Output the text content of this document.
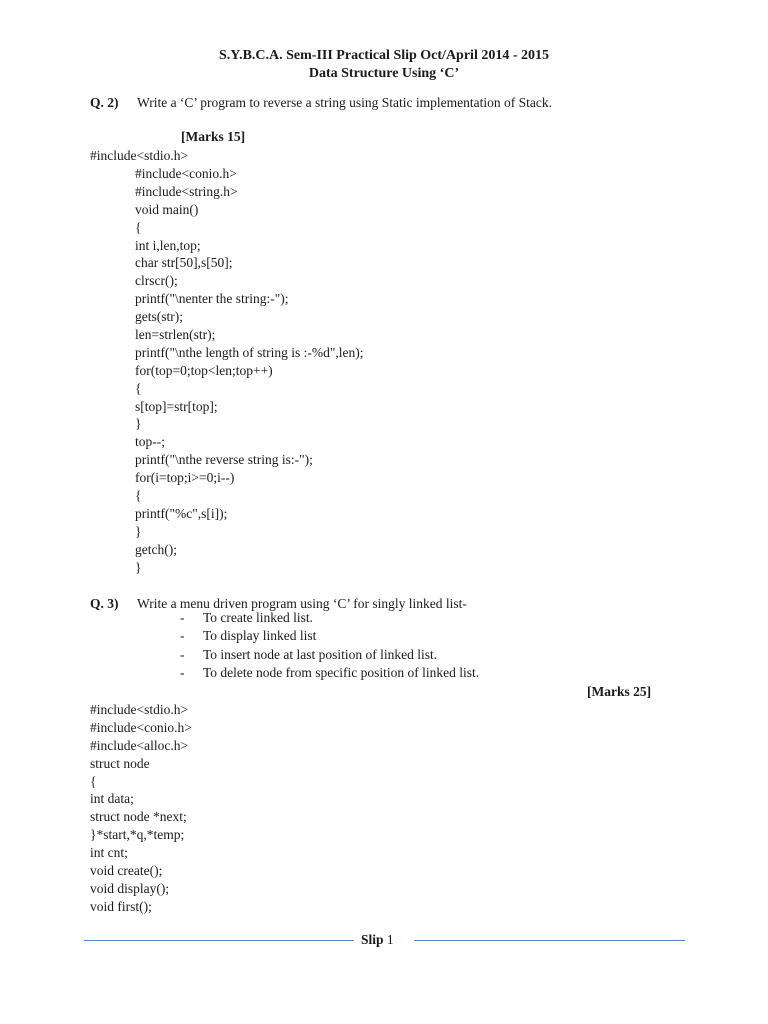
S.Y.B.C.A. Sem-III Practical Slip Oct/April 2014 - 2015
Data Structure Using ‘C’
Q. 2) Write a ‘C’ program to reverse a string using Static implementation of Stack.
[Marks 15]
#include<stdio.h>
#include<conio.h>
#include<string.h>
void main()
{
int i,len,top;
char str[50],s[50];
clrscr();
printf("\nenter the string:-");
gets(str);
len=strlen(str);
printf("\nthe length of string is :-%d",len);
for(top=0;top<len;top++)
{
s[top]=str[top];
}
top--;
printf("\nthe reverse string is:-");
for(i=top;i>=0;i--)
{
printf("%c",s[i]);
}
getch();
}
Q. 3) Write a menu driven program using ‘C’ for singly linked list-
- To create linked list.
- To display linked list
- To insert node at last position of linked list.
- To delete node from specific position of linked list.
[Marks 25]
#include<stdio.h>
#include<conio.h>
#include<alloc.h>
struct node
{
int data;
struct node *next;
}*start,*q,*temp;
int cnt;
void create();
void display();
void first();
Slip 1
